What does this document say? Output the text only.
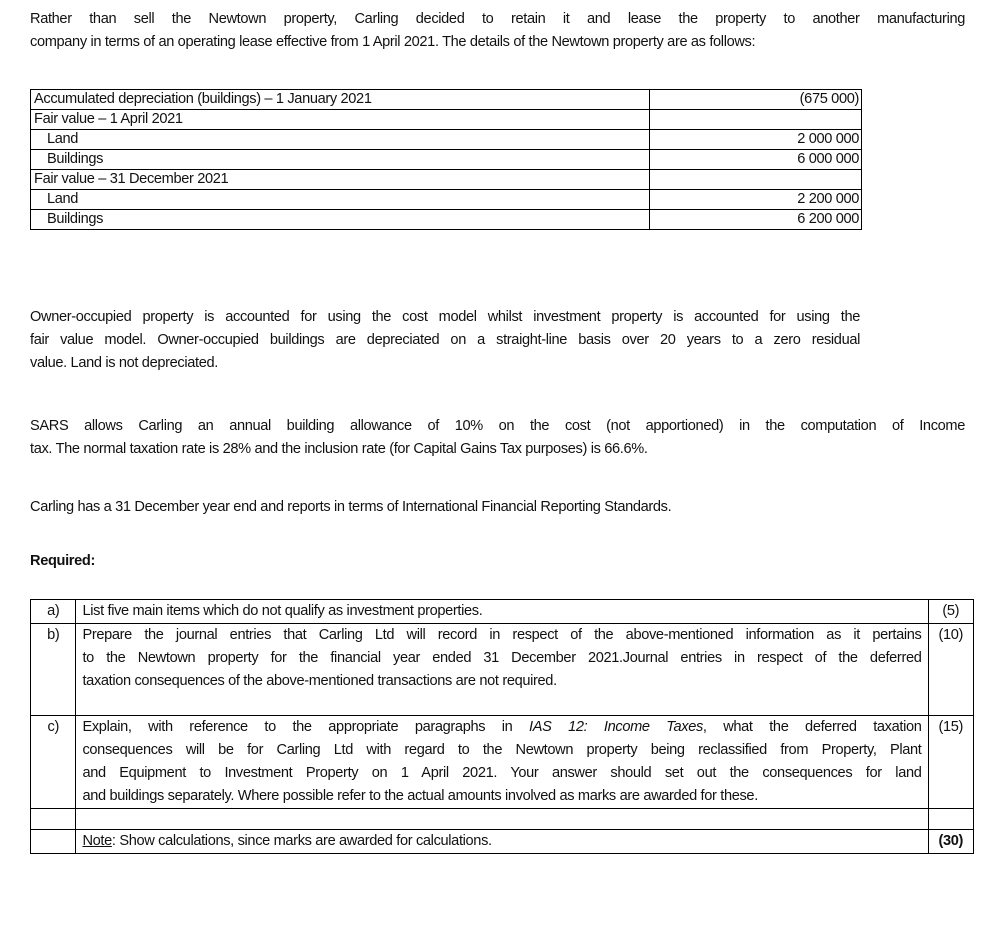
Rather than sell the Newtown property, Carling decided to retain it and lease the property to another manufacturing
company in terms of an operating lease effective from 1 April 2021. The details of the Newtown property are as follows:
Accumulated depreciation (buildings) – 1 January 2021	(675 000)
Fair value – 1 April 2021	
Land	2 000 000
Buildings	6 000 000
Fair value – 31 December 2021	
Land	2 200 000
Buildings	6 200 000
Owner-occupied property is accounted for using the cost model whilst investment property is accounted for using the
fair value model. Owner-occupied buildings are depreciated on a straight-line basis over 20 years to a zero residual
value. Land is not depreciated.
SARS allows Carling an annual building allowance of 10% on the cost (not apportioned) in the computation of Income
tax. The normal taxation rate is 28% and the inclusion rate (for Capital Gains Tax purposes) is 66.6%.

Carling has a 31 December year end and reports in terms of International Financial Reporting Standards.

Required:

a)	List five main items which do not qualify as investment properties.	(5)
b)	Prepare the journal entries that Carling Ltd will record in respect of the above-mentioned information as it pertains
to the Newtown property for the financial year ended 31 December 2021.Journal entries in respect of the deferred
taxation consequences of the above-mentioned transactions are not required.	(10)
c)	Explain, with reference to the appropriate paragraphs in IAS 12: Income Taxes, what the deferred taxation
consequences will be for Carling Ltd with regard to the Newtown property being reclassified from Property, Plant
and Equipment to Investment Property on 1 April 2021. Your answer should set out the consequences for land
and buildings separately. Where possible refer to the actual amounts involved as marks are awarded for these.	(15)

	Note: Show calculations, since marks are awarded for calculations.	(30)
